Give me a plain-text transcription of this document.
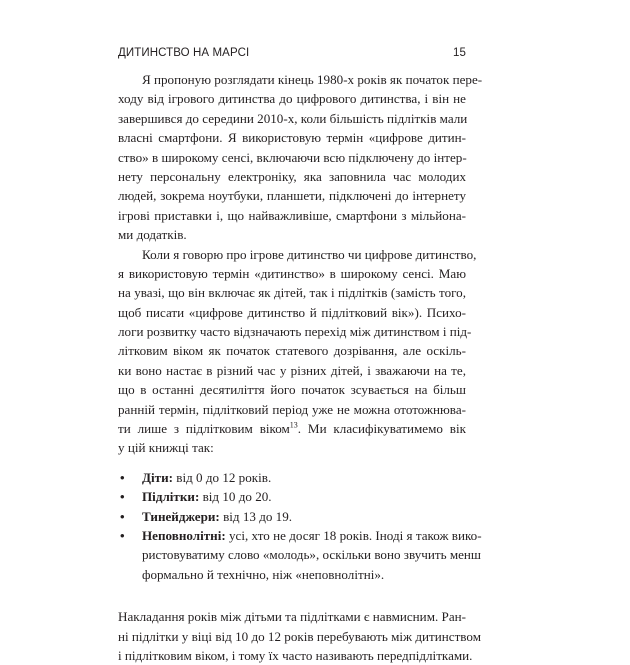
ДИТИНСТВО НА МАРСІ	15
Я пропоную розглядати кінець 1980-х років як початок пере-
ходу від ігрового дитинства до цифрового дитинства, і він не
завершився до середини 2010-х, коли більшість підлітків мали
власні смартфони. Я використовую термін «цифрове дитин-
ство» в широкому сенсі, включаючи всю підключену до інтер-
нету персональну електроніку, яка заповнила час молодих
людей, зокрема ноутбуки, планшети, підключені до інтернету
ігрові приставки і, що найважливіше, смартфони з мільйона-
ми додатків.
Коли я говорю про ігрове дитинство чи цифрове дитинство,
я використовую термін «дитинство» в широкому сенсі. Маю
на увазі, що він включає як дітей, так і підлітків (замість того,
щоб писати «цифрове дитинство й підлітковий вік»). Психо-
логи розвитку часто відзначають перехід між дитинством і під-
літковим віком як початок статевого дозрівання, але оскіль-
ки воно настає в різний час у різних дітей, і зважаючи на те,
що в останні десятиліття його початок зсувається на більш
ранній термін, підлітковий період уже не можна ототожнюва-
ти лише з підлітковим віком$^{13}$. Ми класифікуватимемо вік
у цій книжці так:
• Діти: від 0 до 12 років.
• Підлітки: від 10 до 20.
• Тинейджери: від 13 до 19.
• Неповнолітні: усі, хто не досяг 18 років. Іноді я також вико-
ристовуватиму слово «молодь», оскільки воно звучить менш
формально й технічно, ніж «неповнолітні».
Накладання років між дітьми та підлітками є навмисним. Ран-
ні підлітки у віці від 10 до 12 років перебувають між дитинством
і підлітковим віком, і тому їх часто називають передпідлітками.
